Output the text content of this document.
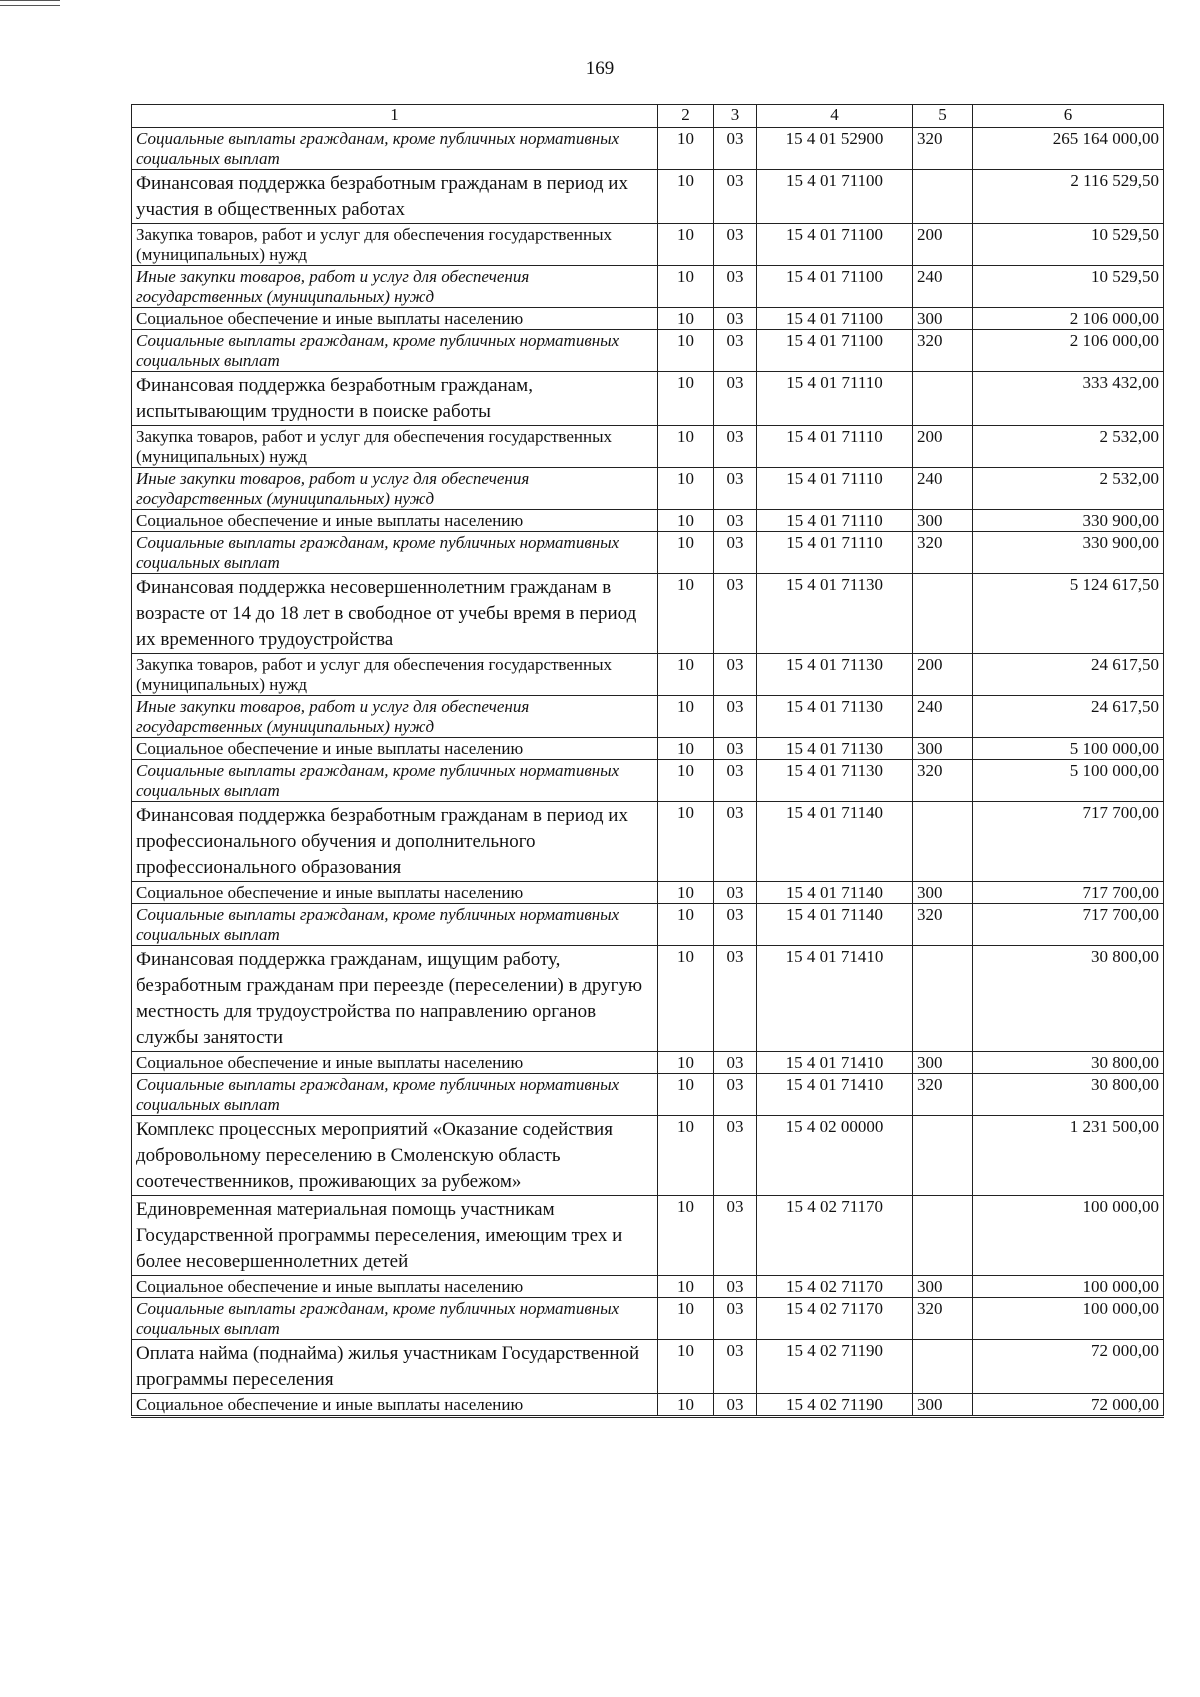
169
1	2	3	4	5	6
Социальные выплаты гражданам, кроме публичных нормативных социальных выплат	10	03	15 4 01 52900	320	265 164 000,00
Финансовая поддержка безработным гражданам в период их участия в общественных работах	10	03	15 4 01 71100		2 116 529,50
Закупка товаров, работ и услуг для обеспечения государственных (муниципальных) нужд	10	03	15 4 01 71100	200	10 529,50
Иные закупки товаров, работ и услуг для обеспечения государственных (муниципальных) нужд	10	03	15 4 01 71100	240	10 529,50
Социальное обеспечение и иные выплаты населению	10	03	15 4 01 71100	300	2 106 000,00
Социальные выплаты гражданам, кроме публичных нормативных социальных выплат	10	03	15 4 01 71100	320	2 106 000,00
Финансовая поддержка безработным гражданам, испытывающим трудности в поиске работы	10	03	15 4 01 71110		333 432,00
Закупка товаров, работ и услуг для обеспечения государственных (муниципальных) нужд	10	03	15 4 01 71110	200	2 532,00
Иные закупки товаров, работ и услуг для обеспечения государственных (муниципальных) нужд	10	03	15 4 01 71110	240	2 532,00
Социальное обеспечение и иные выплаты населению	10	03	15 4 01 71110	300	330 900,00
Социальные выплаты гражданам, кроме публичных нормативных социальных выплат	10	03	15 4 01 71110	320	330 900,00
Финансовая поддержка несовершеннолетним гражданам в возрасте от 14 до 18 лет в свободное от учебы время в период их временного трудоустройства	10	03	15 4 01 71130		5 124 617,50
Закупка товаров, работ и услуг для обеспечения государственных (муниципальных) нужд	10	03	15 4 01 71130	200	24 617,50
Иные закупки товаров, работ и услуг для обеспечения государственных (муниципальных) нужд	10	03	15 4 01 71130	240	24 617,50
Социальное обеспечение и иные выплаты населению	10	03	15 4 01 71130	300	5 100 000,00
Социальные выплаты гражданам, кроме публичных нормативных социальных выплат	10	03	15 4 01 71130	320	5 100 000,00
Финансовая поддержка безработным гражданам в период их профессионального обучения и дополнительного профессионального образования	10	03	15 4 01 71140		717 700,00
Социальное обеспечение и иные выплаты населению	10	03	15 4 01 71140	300	717 700,00
Социальные выплаты гражданам, кроме публичных нормативных социальных выплат	10	03	15 4 01 71140	320	717 700,00
Финансовая поддержка гражданам, ищущим работу, безработным гражданам при переезде (переселении) в другую местность для трудоустройства по направлению органов службы занятости	10	03	15 4 01 71410		30 800,00
Социальное обеспечение и иные выплаты населению	10	03	15 4 01 71410	300	30 800,00
Социальные выплаты гражданам, кроме публичных нормативных социальных выплат	10	03	15 4 01 71410	320	30 800,00
Комплекс процессных мероприятий «Оказание содействия добровольному переселению в Смоленскую область соотечественников, проживающих за рубежом»	10	03	15 4 02 00000		1 231 500,00
Единовременная материальная помощь участникам Государственной программы переселения, имеющим трех и более несовершеннолетних детей	10	03	15 4 02 71170		100 000,00
Социальное обеспечение и иные выплаты населению	10	03	15 4 02 71170	300	100 000,00
Социальные выплаты гражданам, кроме публичных нормативных социальных выплат	10	03	15 4 02 71170	320	100 000,00
Оплата найма (поднайма) жилья участникам Государственной программы переселения	10	03	15 4 02 71190		72 000,00
Социальное обеспечение и иные выплаты населению	10	03	15 4 02 71190	300	72 000,00
